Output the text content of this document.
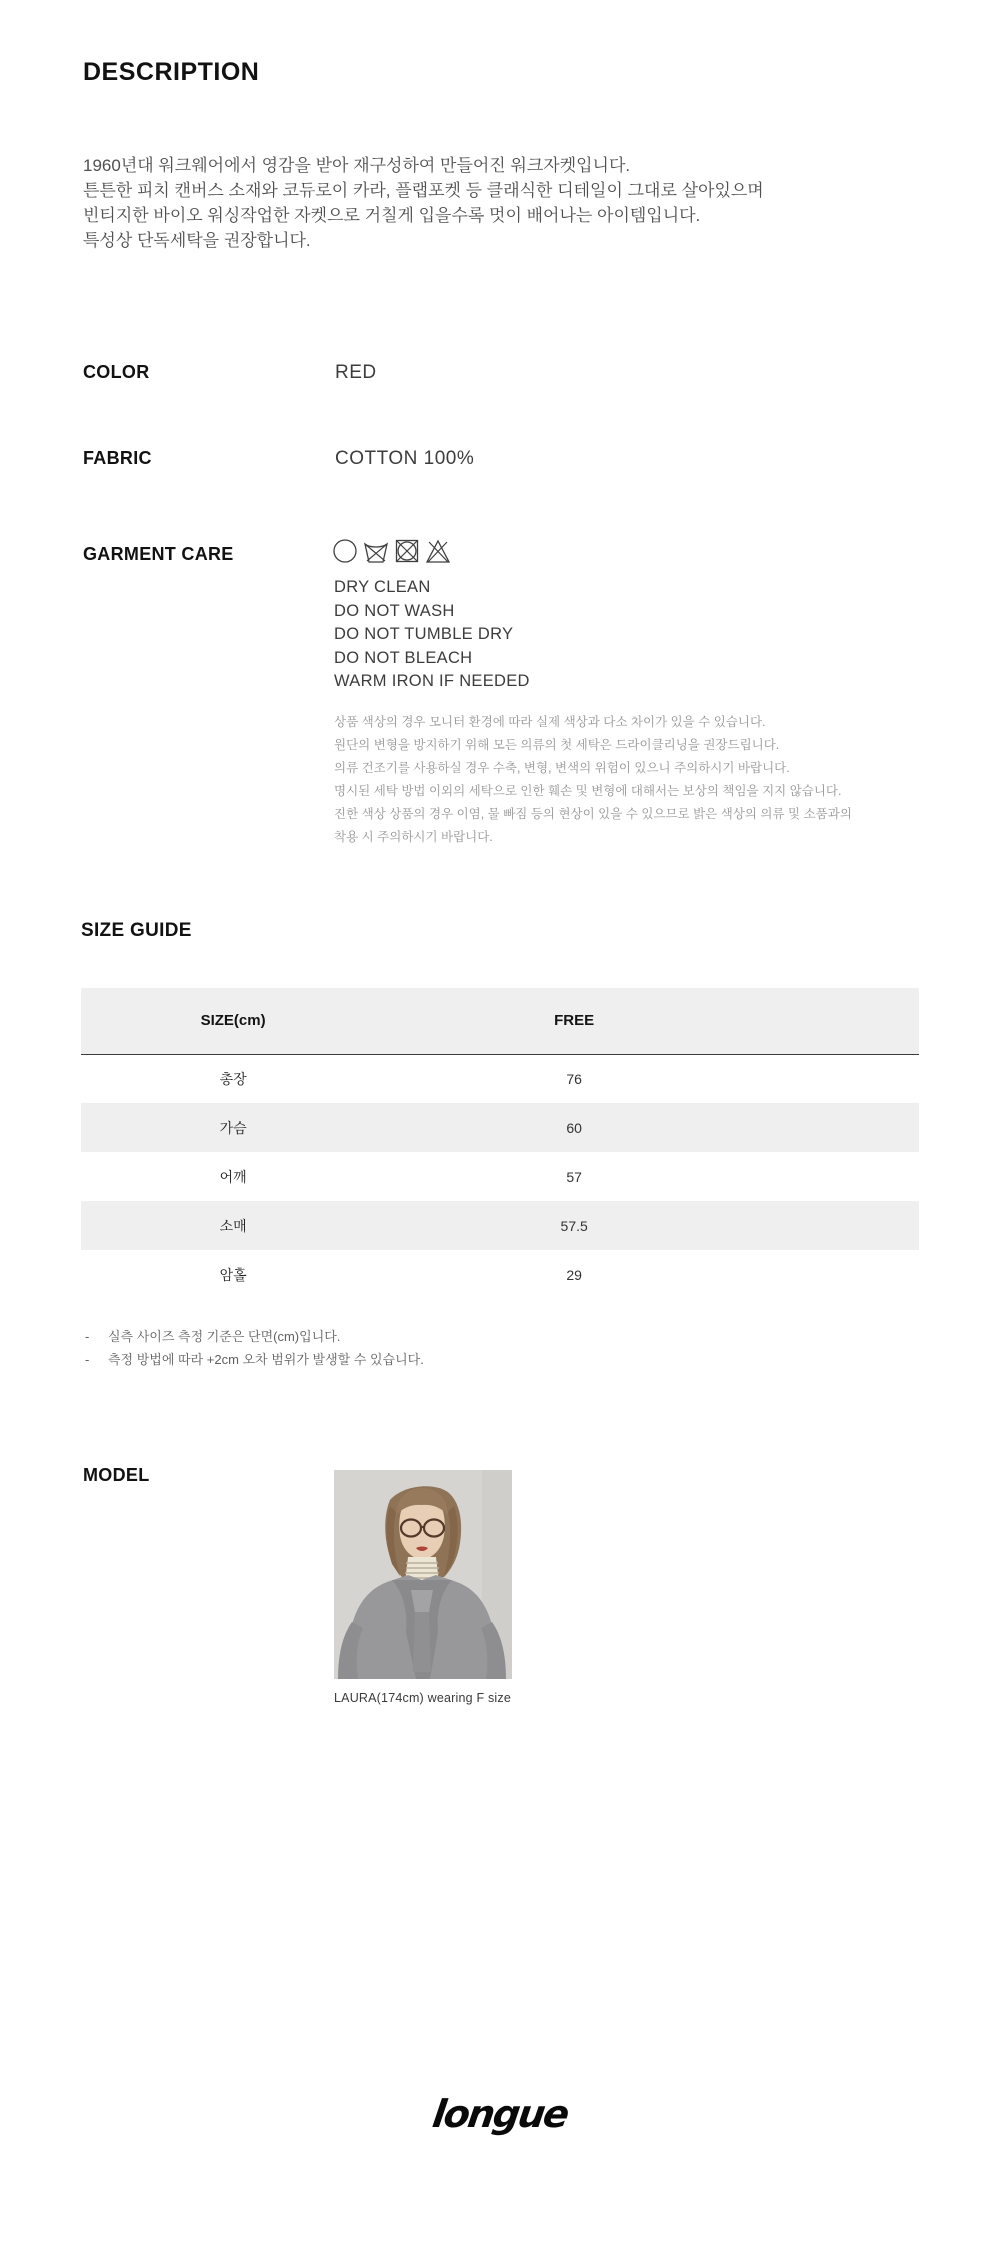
DESCRIPTION
1960년대 워크웨어에서 영감을 받아 재구성하여 만들어진 워크자켓입니다.
튼튼한 피치 캔버스 소재와 코듀로이 카라, 플랩포켓 등 클래식한 디테일이 그대로 살아있으며
빈티지한 바이오 워싱작업한 자켓으로 거칠게 입을수록 멋이 배어나는 아이템입니다.
특성상 단독세탁을 권장합니다.
COLOR	RED
FABRIC	COTTON 100%
GARMENT CARE
DRY CLEAN
DO NOT WASH
DO NOT TUMBLE DRY
DO NOT BLEACH
WARM IRON IF NEEDED
상품 색상의 경우 모니터 환경에 따라 실제 색상과 다소 차이가 있을 수 있습니다.
원단의 변형을 방지하기 위해 모든 의류의 첫 세탁은 드라이클리닝을 권장드립니다.
의류 건조기를 사용하실 경우 수축, 변형, 변색의 위험이 있으니 주의하시기 바랍니다.
명시된 세탁 방법 이외의 세탁으로 인한 훼손 및 변형에 대해서는 보상의 책임을 지지 않습니다.
진한 색상 상품의 경우 이염, 물 빠짐 등의 현상이 있을 수 있으므로 밝은 색상의 의류 및 소품과의
착용 시 주의하시기 바랍니다.
SIZE GUIDE
SIZE(cm)	FREE	
총장	76	
가슴	60	
어깨	57	
소매	57.5	
암홀	29	
-	실측 사이즈 측정 기준은 단면(cm)입니다.
-	측정 방법에 따라 +2cm 오차 범위가 발생할 수 있습니다.
MODEL
LAURA(174cm) wearing F size
longue
